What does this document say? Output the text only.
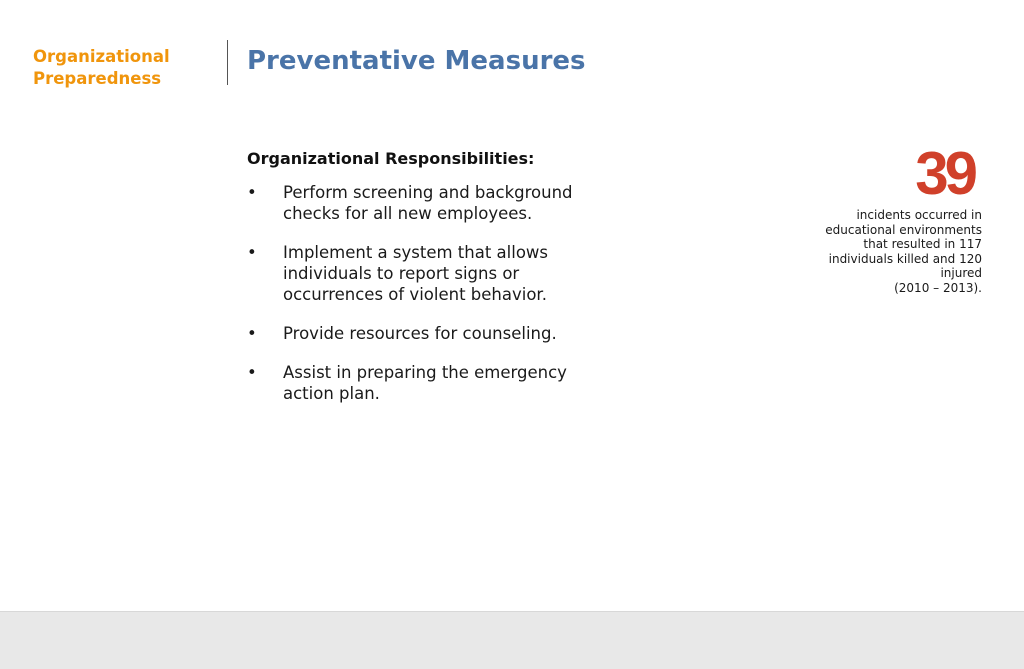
Organizational Preparedness
Preventative Measures
Organizational Responsibilities:
• Perform screening and background checks for all new employees.
• Implement a system that allows individuals to report signs or occurrences of violent behavior.
• Provide resources for counseling.
• Assist in preparing the emergency action plan.
39
incidents occurred in
educational environments
that resulted in 117
individuals killed and 120
injured
(2010 – 2013).
